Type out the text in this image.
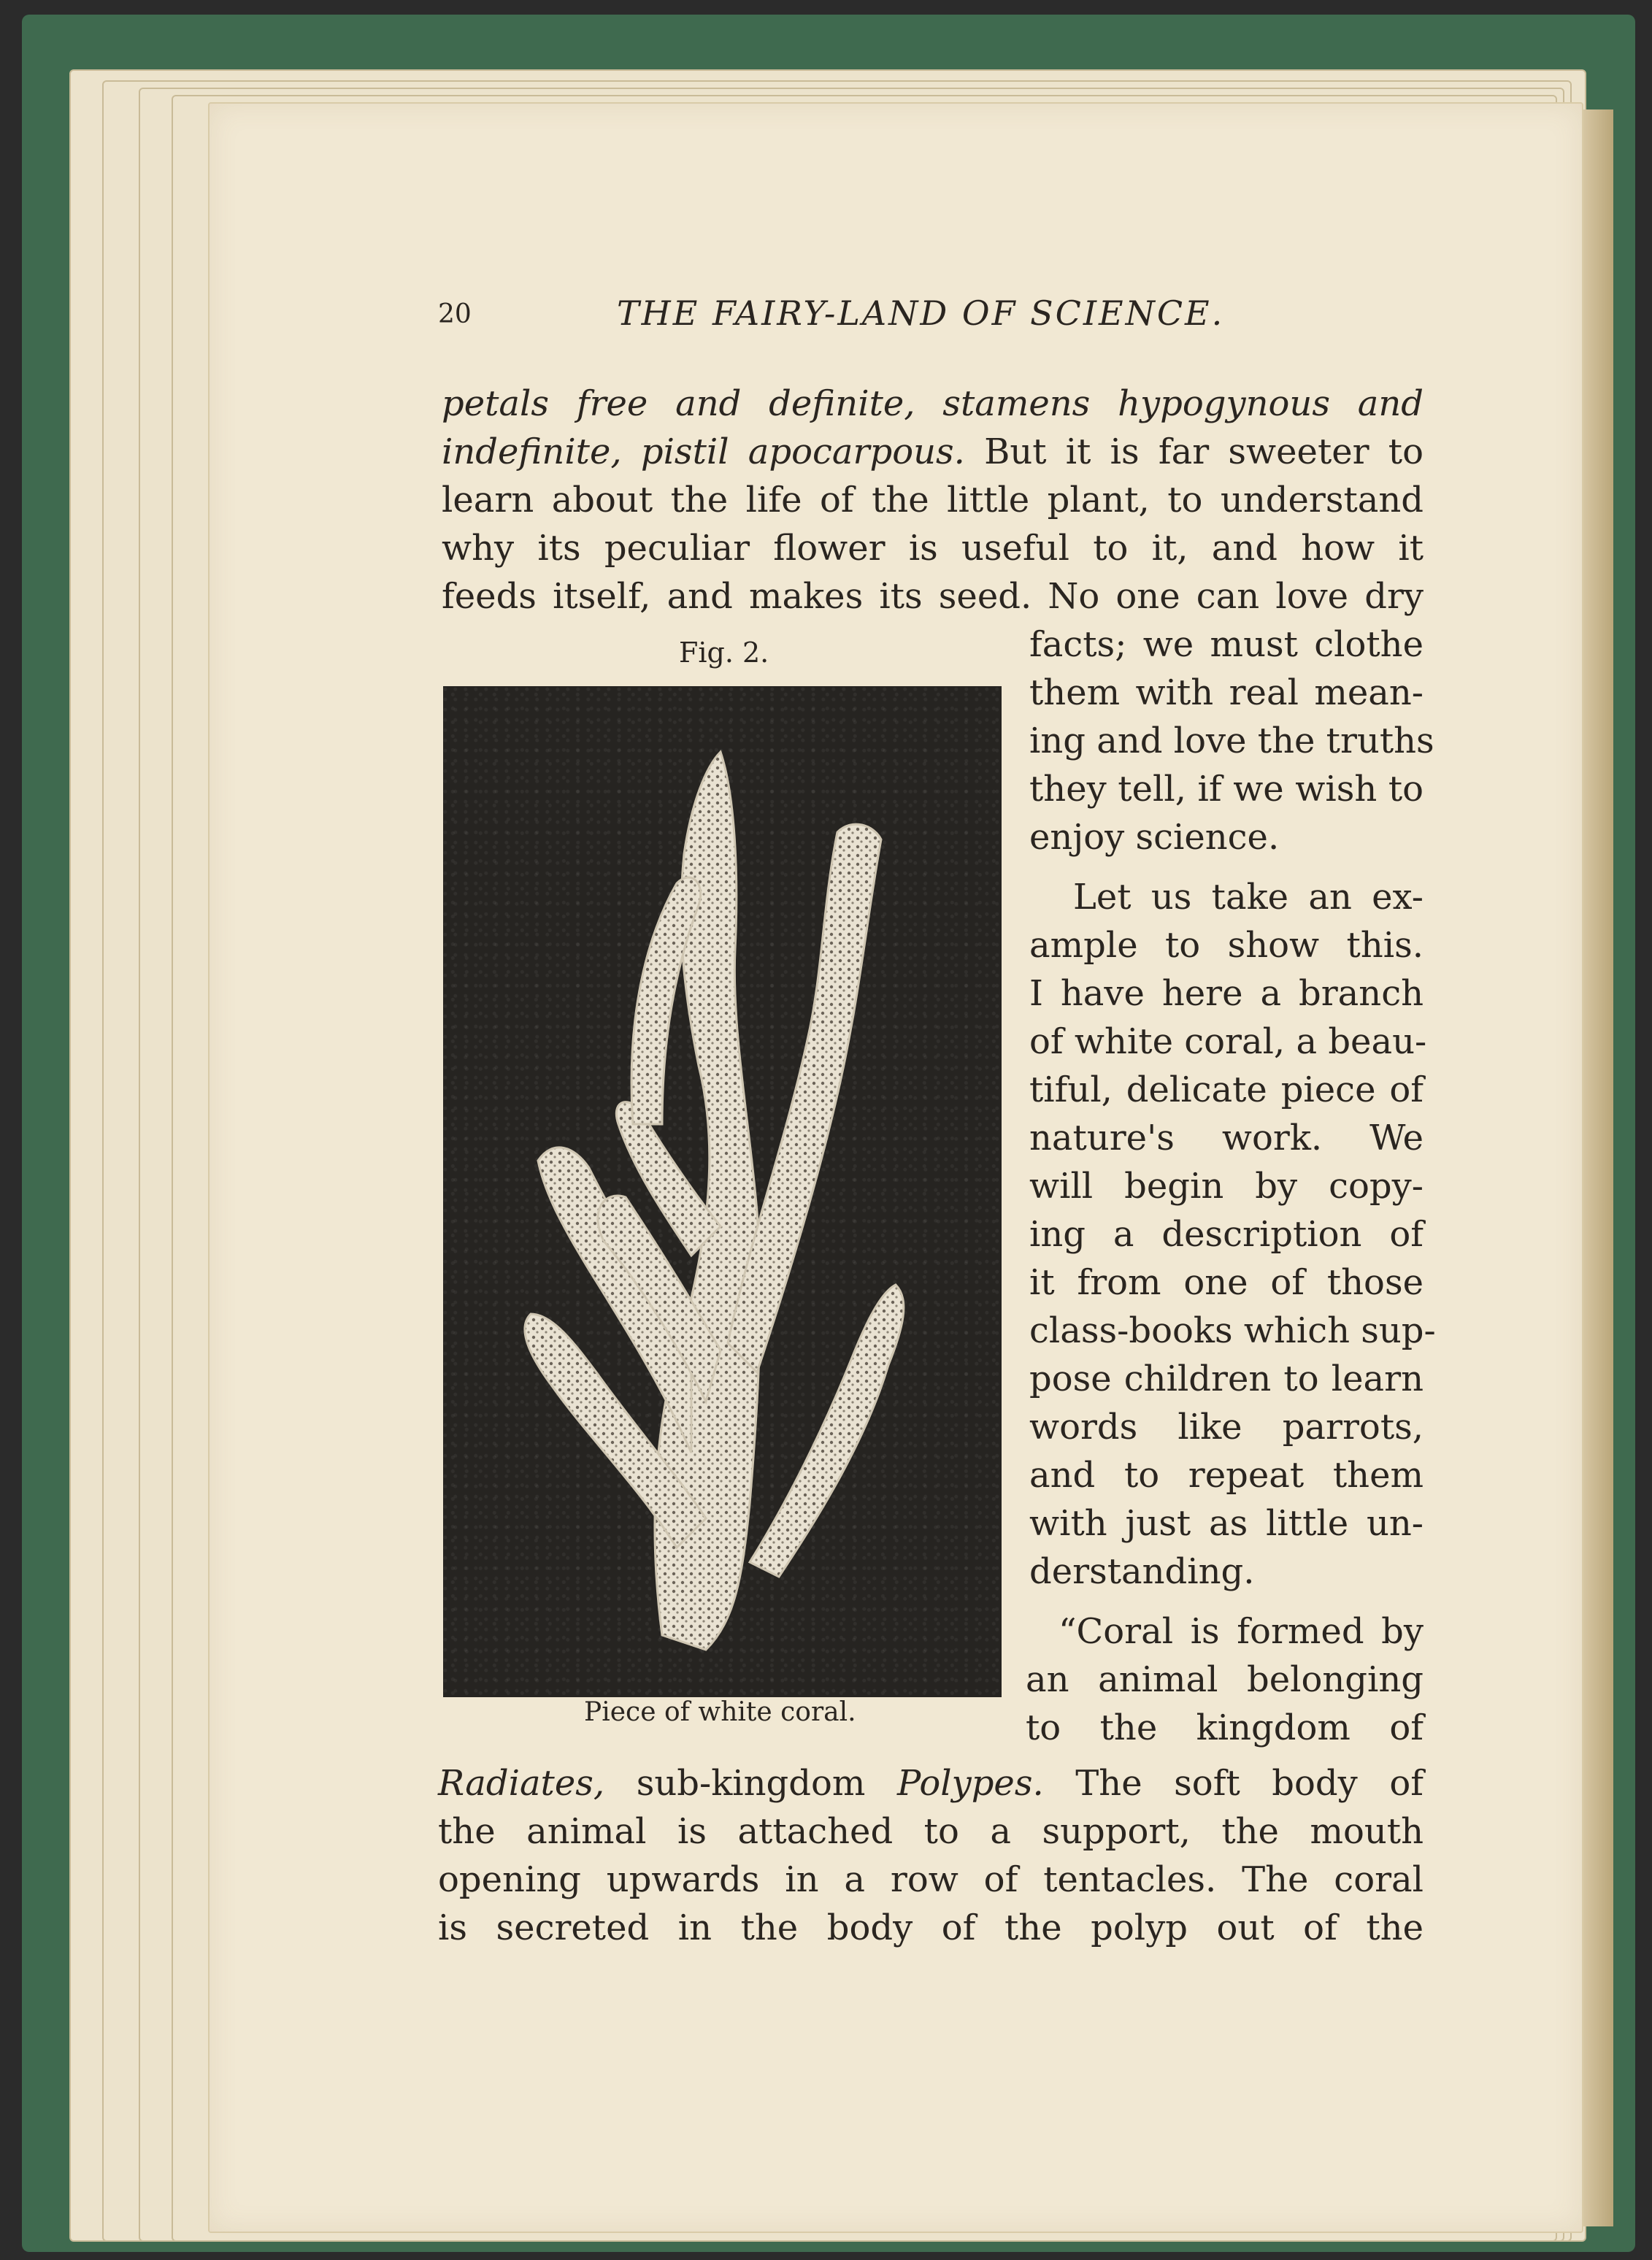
20	THE FAIRY-LAND OF SCIENCE.
petals free and definite, stamens hypogynous and
indefinite, pistil apocarpous. But it is far sweeter to
learn about the life of the little plant, to understand
why its peculiar flower is useful to it, and how it
feeds itself, and makes its seed. No one can love dry
Fig. 2.
Piece of white coral.
facts; we must clothe
them with real mean-
ing and love the truths
they tell, if we wish to
enjoy science.
Let us take an ex-
ample to show this.
I have here a branch
of white coral, a beau-
tiful, delicate piece of
nature's work. We
will begin by copy-
ing a description of
it from one of those
class-books which sup-
pose children to learn
words like parrots,
and to repeat them
with just as little un-
derstanding.
“Coral is formed by
an animal belonging
to the kingdom of
Radiates, sub-kingdom Polypes. The soft body of
the animal is attached to a support, the mouth
opening upwards in a row of tentacles. The coral
is secreted in the body of the polyp out of the
